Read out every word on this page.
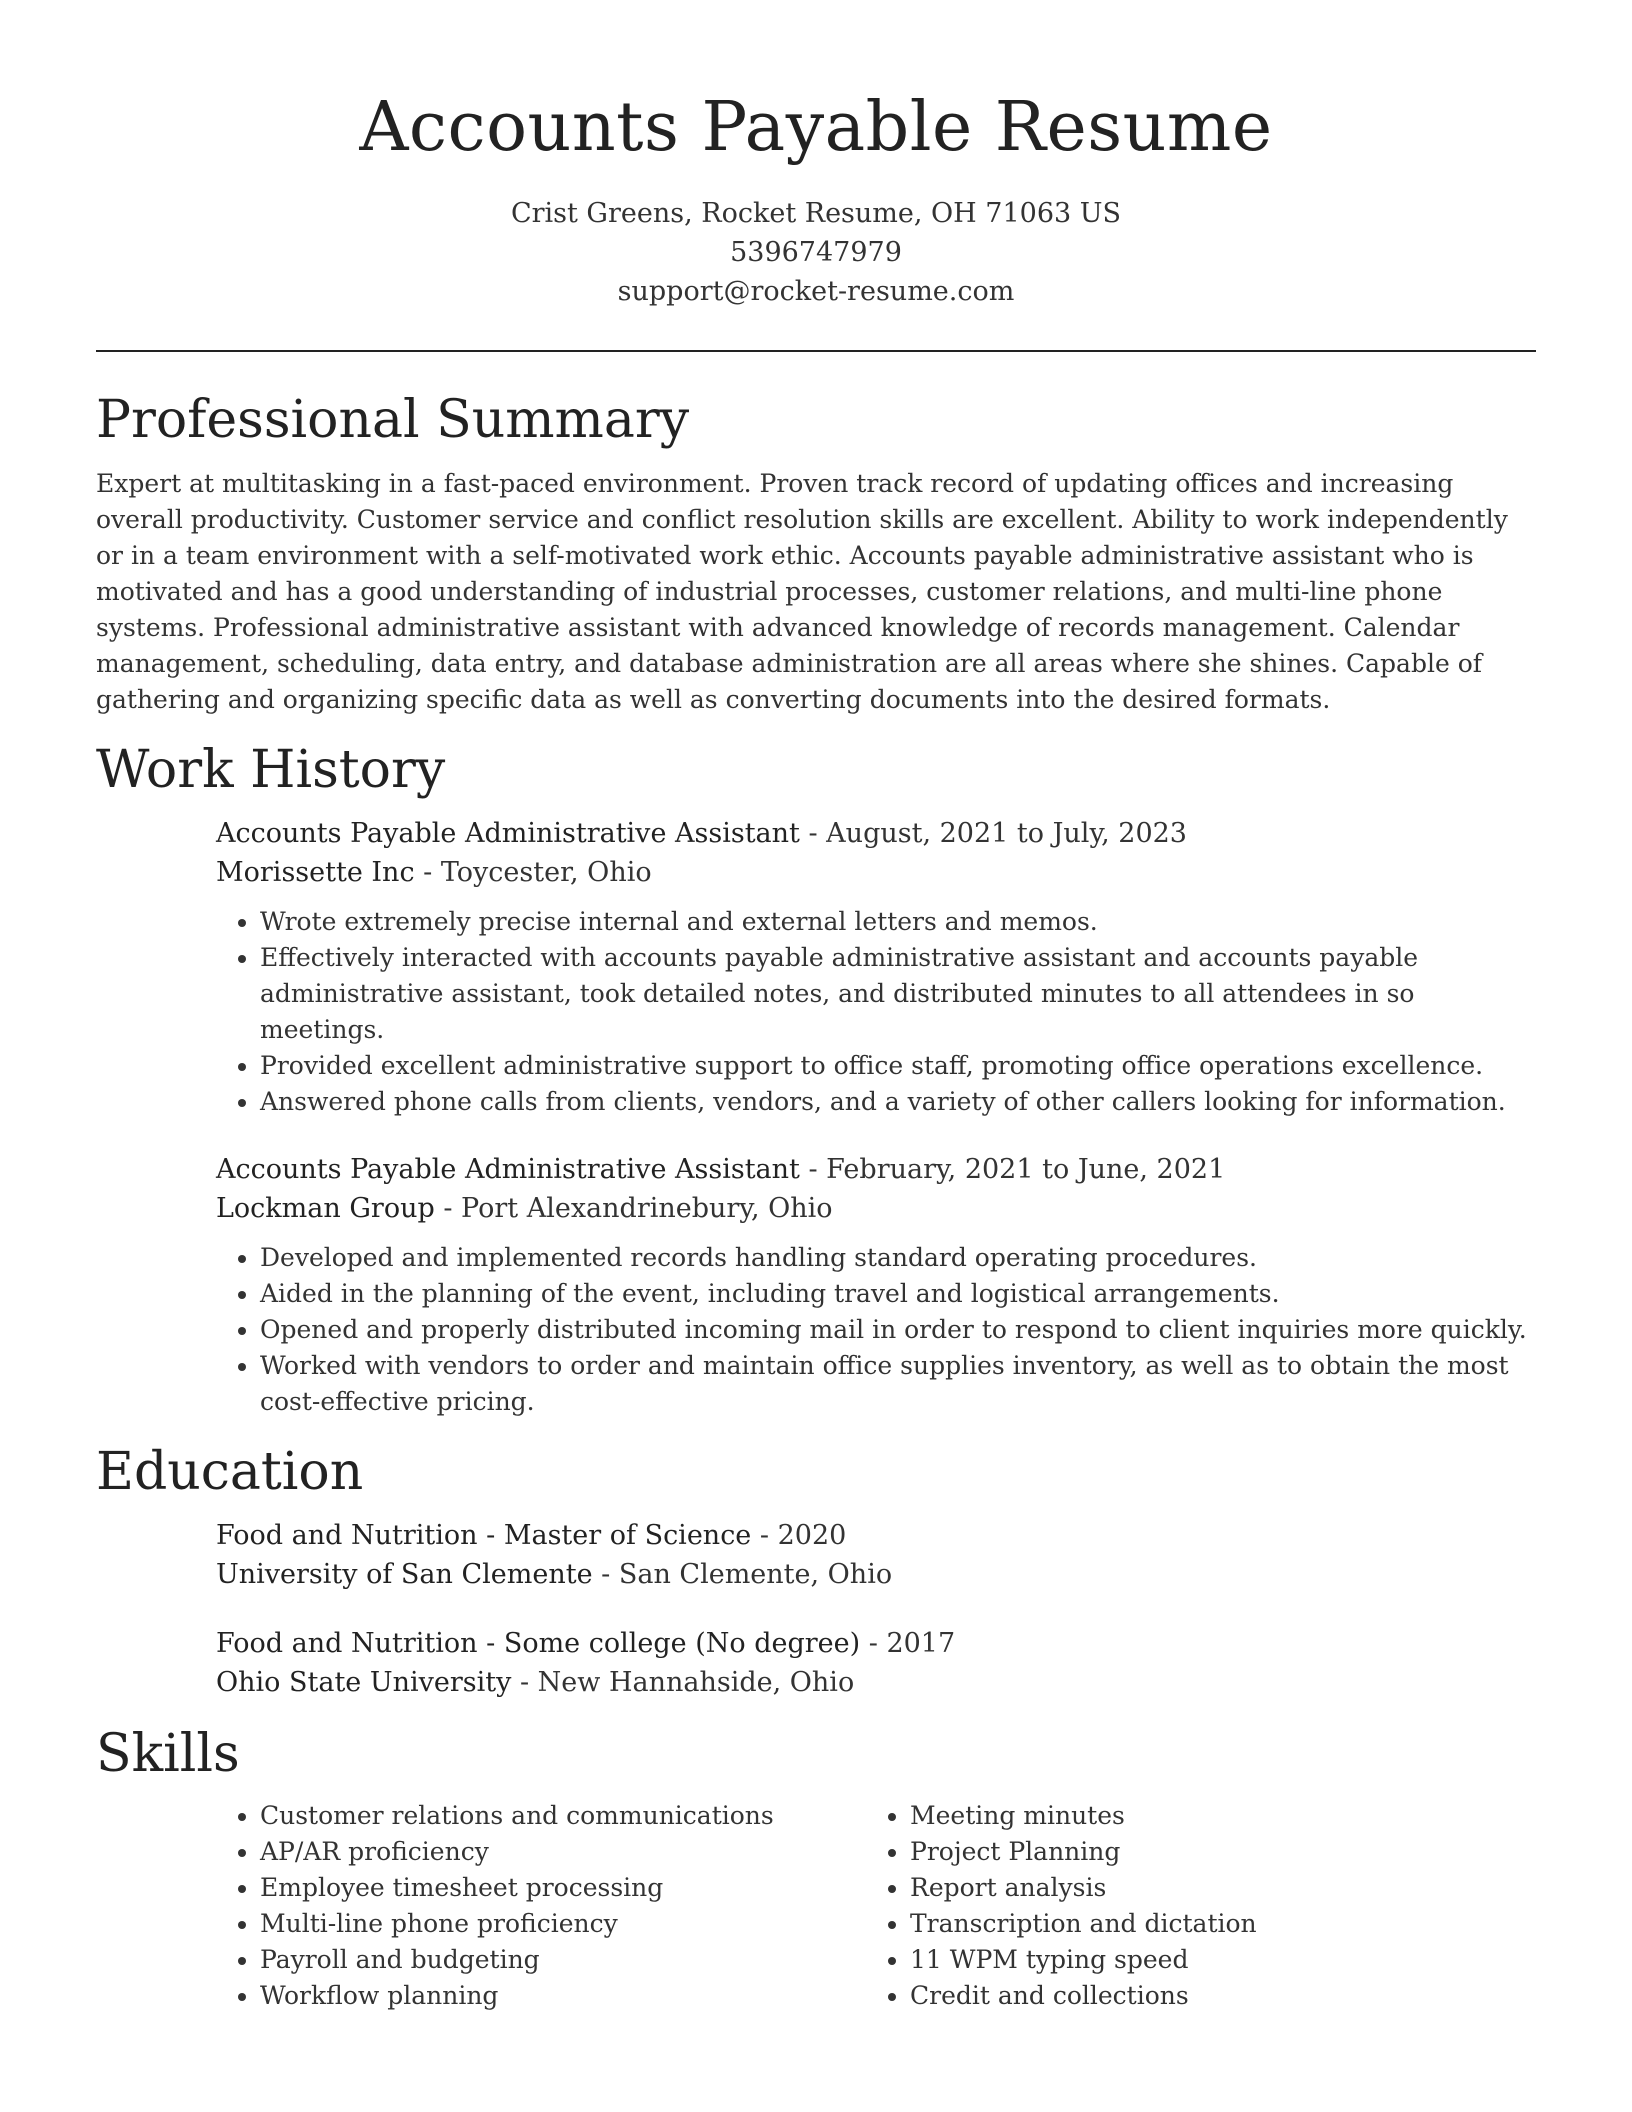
Accounts Payable Resume
Crist Greens, Rocket Resume, OH 71063 US
5396747979
support@rocket-resume.com
Professional Summary

Expert at multitasking in a fast-paced environment. Proven track record of updating offices and increasing overall productivity. Customer service and conflict resolution skills are excellent. Ability to work independently or in a team environment with a self-motivated work ethic. Accounts payable administrative assistant who is motivated and has a good understanding of industrial processes, customer relations, and multi-line phone systems. Professional administrative assistant with advanced knowledge of records management. Calendar management, scheduling, data entry, and database administration are all areas where she shines. Capable of gathering and organizing specific data as well as converting documents into the desired formats.

Work History
Accounts Payable Administrative Assistant - August, 2021 to July, 2023
Morissette Inc - Toycester, Ohio
• Wrote extremely precise internal and external letters and memos.
• Effectively interacted with accounts payable administrative assistant and accounts payable administrative assistant, took detailed notes, and distributed minutes to all attendees in so meetings.
• Provided excellent administrative support to office staff, promoting office operations excellence.
• Answered phone calls from clients, vendors, and a variety of other callers looking for information.
Accounts Payable Administrative Assistant - February, 2021 to June, 2021
Lockman Group - Port Alexandrinebury, Ohio
• Developed and implemented records handling standard operating procedures.
• Aided in the planning of the event, including travel and logistical arrangements.
• Opened and properly distributed incoming mail in order to respond to client inquiries more quickly.
• Worked with vendors to order and maintain office supplies inventory, as well as to obtain the most cost-effective pricing.
Education
Food and Nutrition - Master of Science - 2020
University of San Clemente - San Clemente, Ohio
Food and Nutrition - Some college (No degree) - 2017
Ohio State University - New Hannahside, Ohio
Skills
• Customer relations and communications
• AP/AR proficiency
• Employee timesheet processing
• Multi-line phone proficiency
• Payroll and budgeting
• Workflow planning
• Meeting minutes
• Project Planning
• Report analysis
• Transcription and dictation
• 11 WPM typing speed
• Credit and collections
